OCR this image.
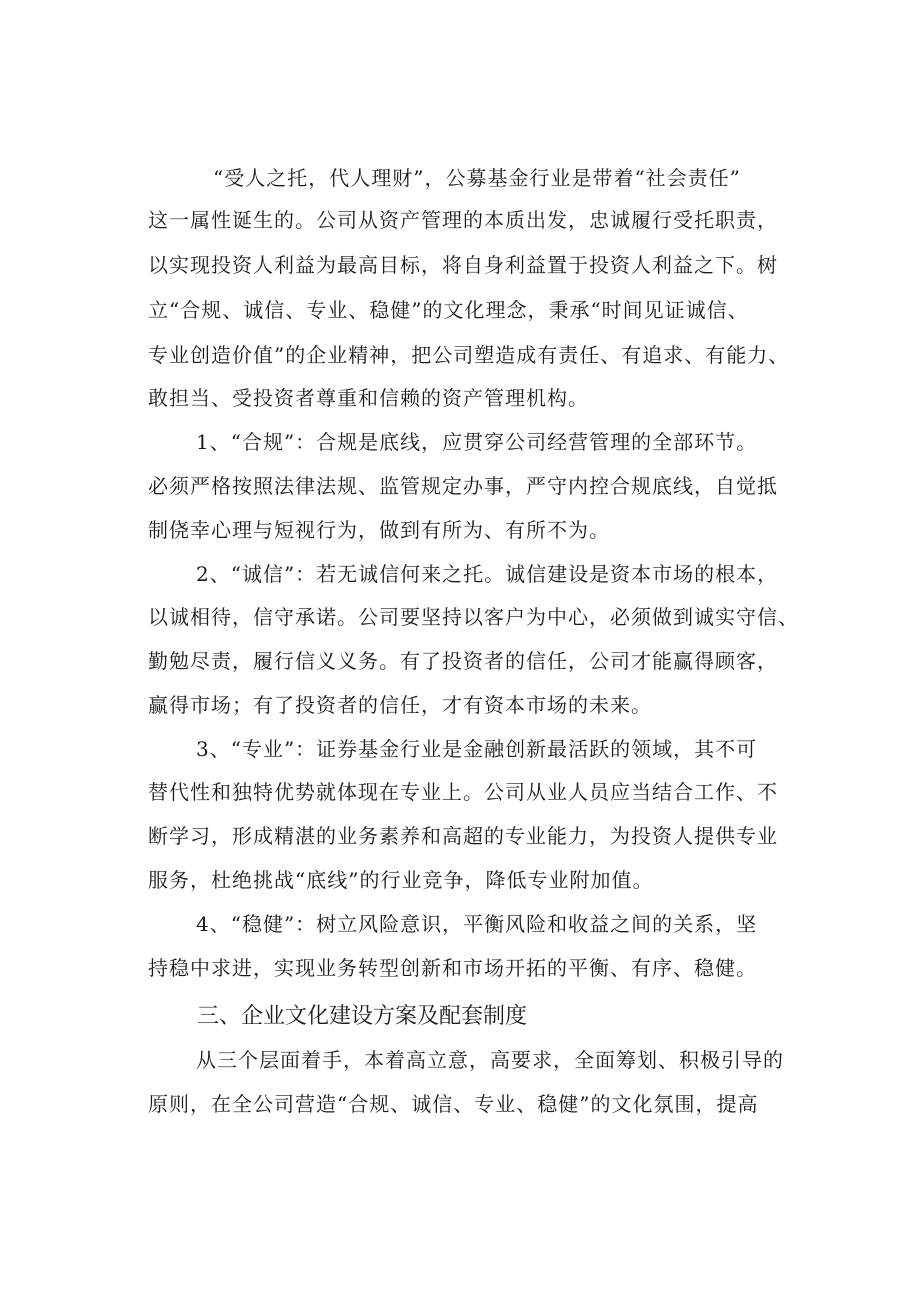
“受人之托，代人理财”，公募基金行业是带着“社会责任”
这一属性诞生的。公司从资产管理的本质出发，忠诚履行受托职责，
以实现投资人利益为最高目标，将自身利益置于投资人利益之下。树
立“合规、诚信、专业、稳健”的文化理念，秉承“时间见证诚信、
专业创造价值”的企业精神，把公司塑造成有责任、有追求、有能力、
敢担当、受投资者尊重和信赖的资产管理机构。
1、“合规”：合规是底线，应贯穿公司经营管理的全部环节。
必须严格按照法律法规、监管规定办事，严守内控合规底线，自觉抵
制侥幸心理与短视行为，做到有所为、有所不为。
2、“诚信”：若无诚信何来之托。诚信建设是资本市场的根本，
以诚相待，信守承诺。公司要坚持以客户为中心，必须做到诚实守信、
勤勉尽责，履行信义义务。有了投资者的信任，公司才能赢得顾客，
赢得市场；有了投资者的信任，才有资本市场的未来。
3、“专业”：证券基金行业是金融创新最活跃的领域，其不可
替代性和独特优势就体现在专业上。公司从业人员应当结合工作、不
断学习，形成精湛的业务素养和高超的专业能力，为投资人提供专业
服务，杜绝挑战“底线”的行业竞争，降低专业附加值。
4、“稳健”：树立风险意识，平衡风险和收益之间的关系，坚
持稳中求进，实现业务转型创新和市场开拓的平衡、有序、稳健。
三、企业文化建设方案及配套制度
从三个层面着手，本着高立意，高要求，全面筹划、积极引导的
原则，在全公司营造“合规、诚信、专业、稳健”的文化氛围，提高
